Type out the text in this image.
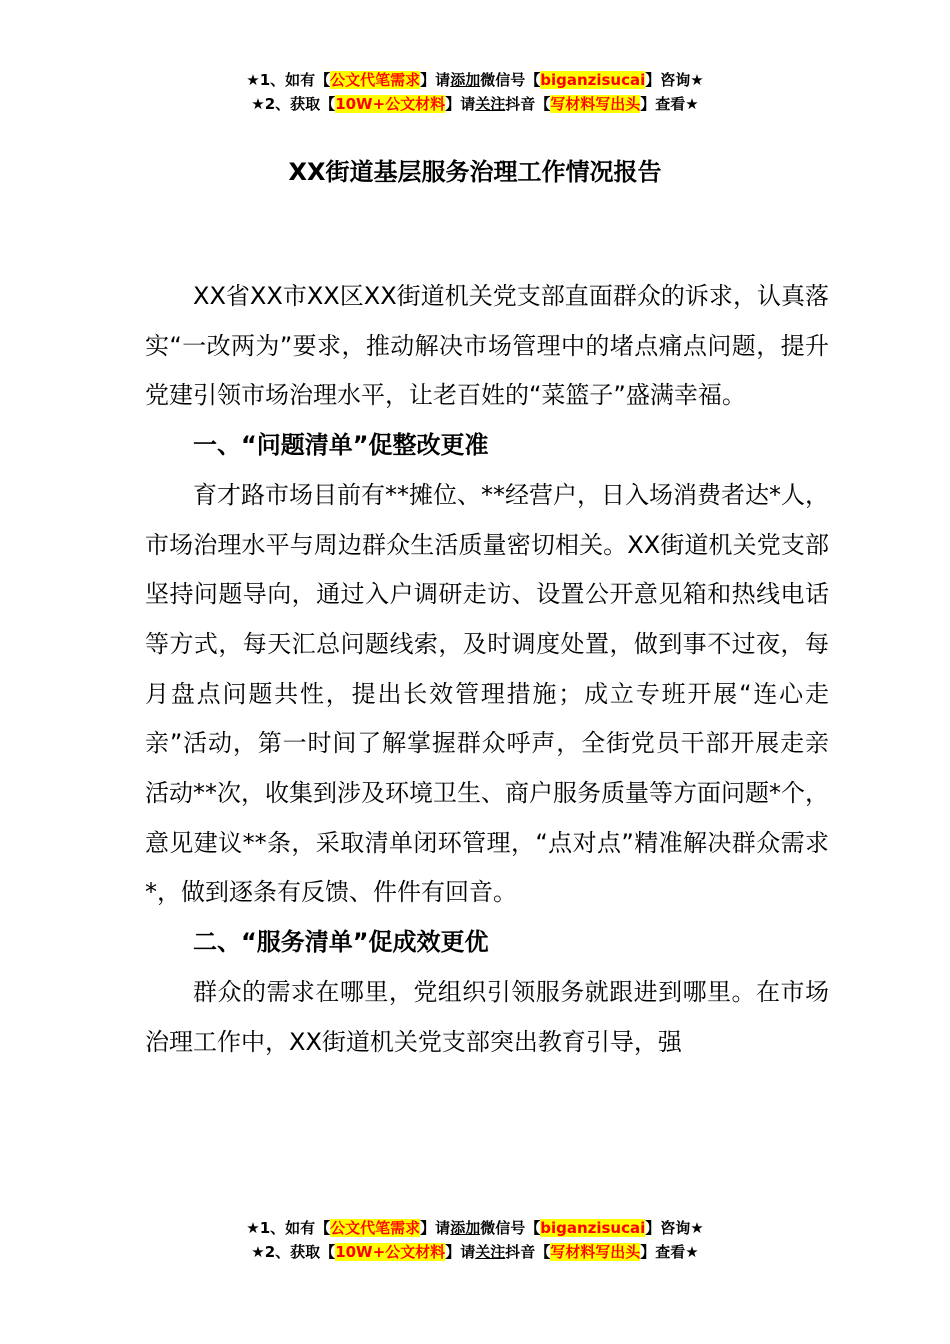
★1、如有【公文代笔需求】请添加微信号【biganzisucai】咨询★
★2、获取【10W+公文材料】请关注抖音【写材料写出头】查看★
XX街道基层服务治理工作情况报告

XX省XX市XX区XX街道机关党支部直面群众的诉求，认真落实“一改两为”要求，推动解决市场管理中的堵点痛点问题，提升党建引领市场治理水平，让老百姓的“菜篮子”盛满幸福。

一、“问题清单”促整改更准

育才路市场目前有**摊位、**经营户，日入场消费者达*人，市场治理水平与周边群众生活质量密切相关。XX街道机关党支部坚持问题导向，通过入户调研走访、设置公开意见箱和热线电话等方式，每天汇总问题线索，及时调度处置，做到事不过夜，每月盘点问题共性，提出长效管理措施；成立专班开展“连心走亲”活动，第一时间了解掌握群众呼声，全街党员干部开展走亲活动**次，收集到涉及环境卫生、商户服务质量等方面问题*个，意见建议**条，采取清单闭环管理，“点对点”精准解决群众需求*，做到逐条有反馈、件件有回音。

二、“服务清单”促成效更优

群众的需求在哪里，党组织引领服务就跟进到哪里。在市场治理工作中，XX街道机关党支部突出教育引导，强

★1、如有【公文代笔需求】请添加微信号【biganzisucai】咨询★
★2、获取【10W+公文材料】请关注抖音【写材料写出头】查看★
